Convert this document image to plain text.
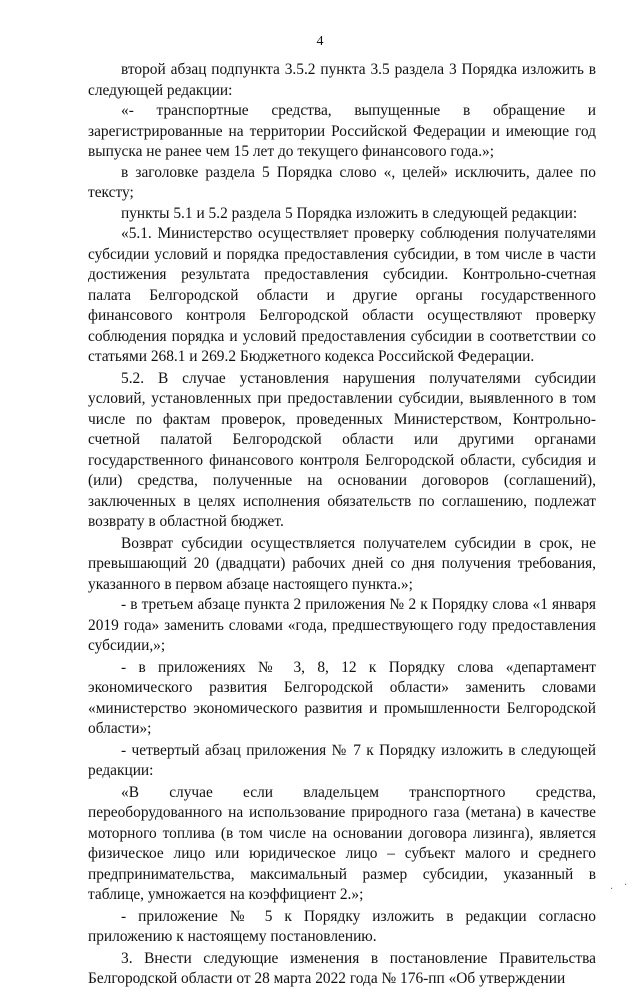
4

второй абзац подпункта 3.5.2 пункта 3.5 раздела 3 Порядка изложить в следующей редакции:

«- транспортные средства, выпущенные в обращение и зарегистрированные на территории Российской Федерации и имеющие год выпуска не ранее чем 15 лет до текущего финансового года.»;

в заголовке раздела 5 Порядка слово «, целей» исключить, далее по тексту;

пункты 5.1 и 5.2 раздела 5 Порядка изложить в следующей редакции:

«5.1. Министерство осуществляет проверку соблюдения получателями субсидии условий и порядка предоставления субсидии, в том числе в части достижения результата предоставления субсидии. Контрольно-счетная палата Белгородской области и другие органы государственного финансового контроля Белгородской области осуществляют проверку соблюдения порядка и условий предоставления субсидии в соответствии со статьями 268.1 и 269.2 Бюджетного кодекса Российской Федерации.

5.2. В случае установления нарушения получателями субсидии условий, установленных при предоставлении субсидии, выявленного в том числе по фактам проверок, проведенных Министерством, Контрольно-счетной палатой Белгородской области или другими органами государственного финансового контроля Белгородской области, субсидия и (или) средства, полученные на основании договоров (соглашений), заключенных в целях исполнения обязательств по соглашению, подлежат возврату в областной бюджет.

Возврат субсидии осуществляется получателем субсидии в срок, не превышающий 20 (двадцати) рабочих дней со дня получения требования, указанного в первом абзаце настоящего пункта.»;

- в третьем абзаце пункта 2 приложения № 2 к Порядку слова «1 января 2019 года» заменить словами «года, предшествующего году предоставления субсидии,»;

- в приложениях № 3, 8, 12 к Порядку слова «департамент экономического развития Белгородской области» заменить словами «министерство экономического развития и промышленности Белгородской области»;

- четвертый абзац приложения № 7 к Порядку изложить в следующей редакции:

«В случае если владельцем транспортного средства, переоборудованного на использование природного газа (метана) в качестве моторного топлива (в том числе на основании договора лизинга), является физическое лицо или юридическое лицо – субъект малого и среднего предпринимательства, максимальный размер субсидии, указанный в таблице, умножается на коэффициент 2.»;

- приложение № 5 к Порядку изложить в редакции согласно приложению к настоящему постановлению.

3. Внести следующие изменения в постановление Правительства Белгородской области от 28 марта 2022 года № 176-пп «Об утверждении

· ·
